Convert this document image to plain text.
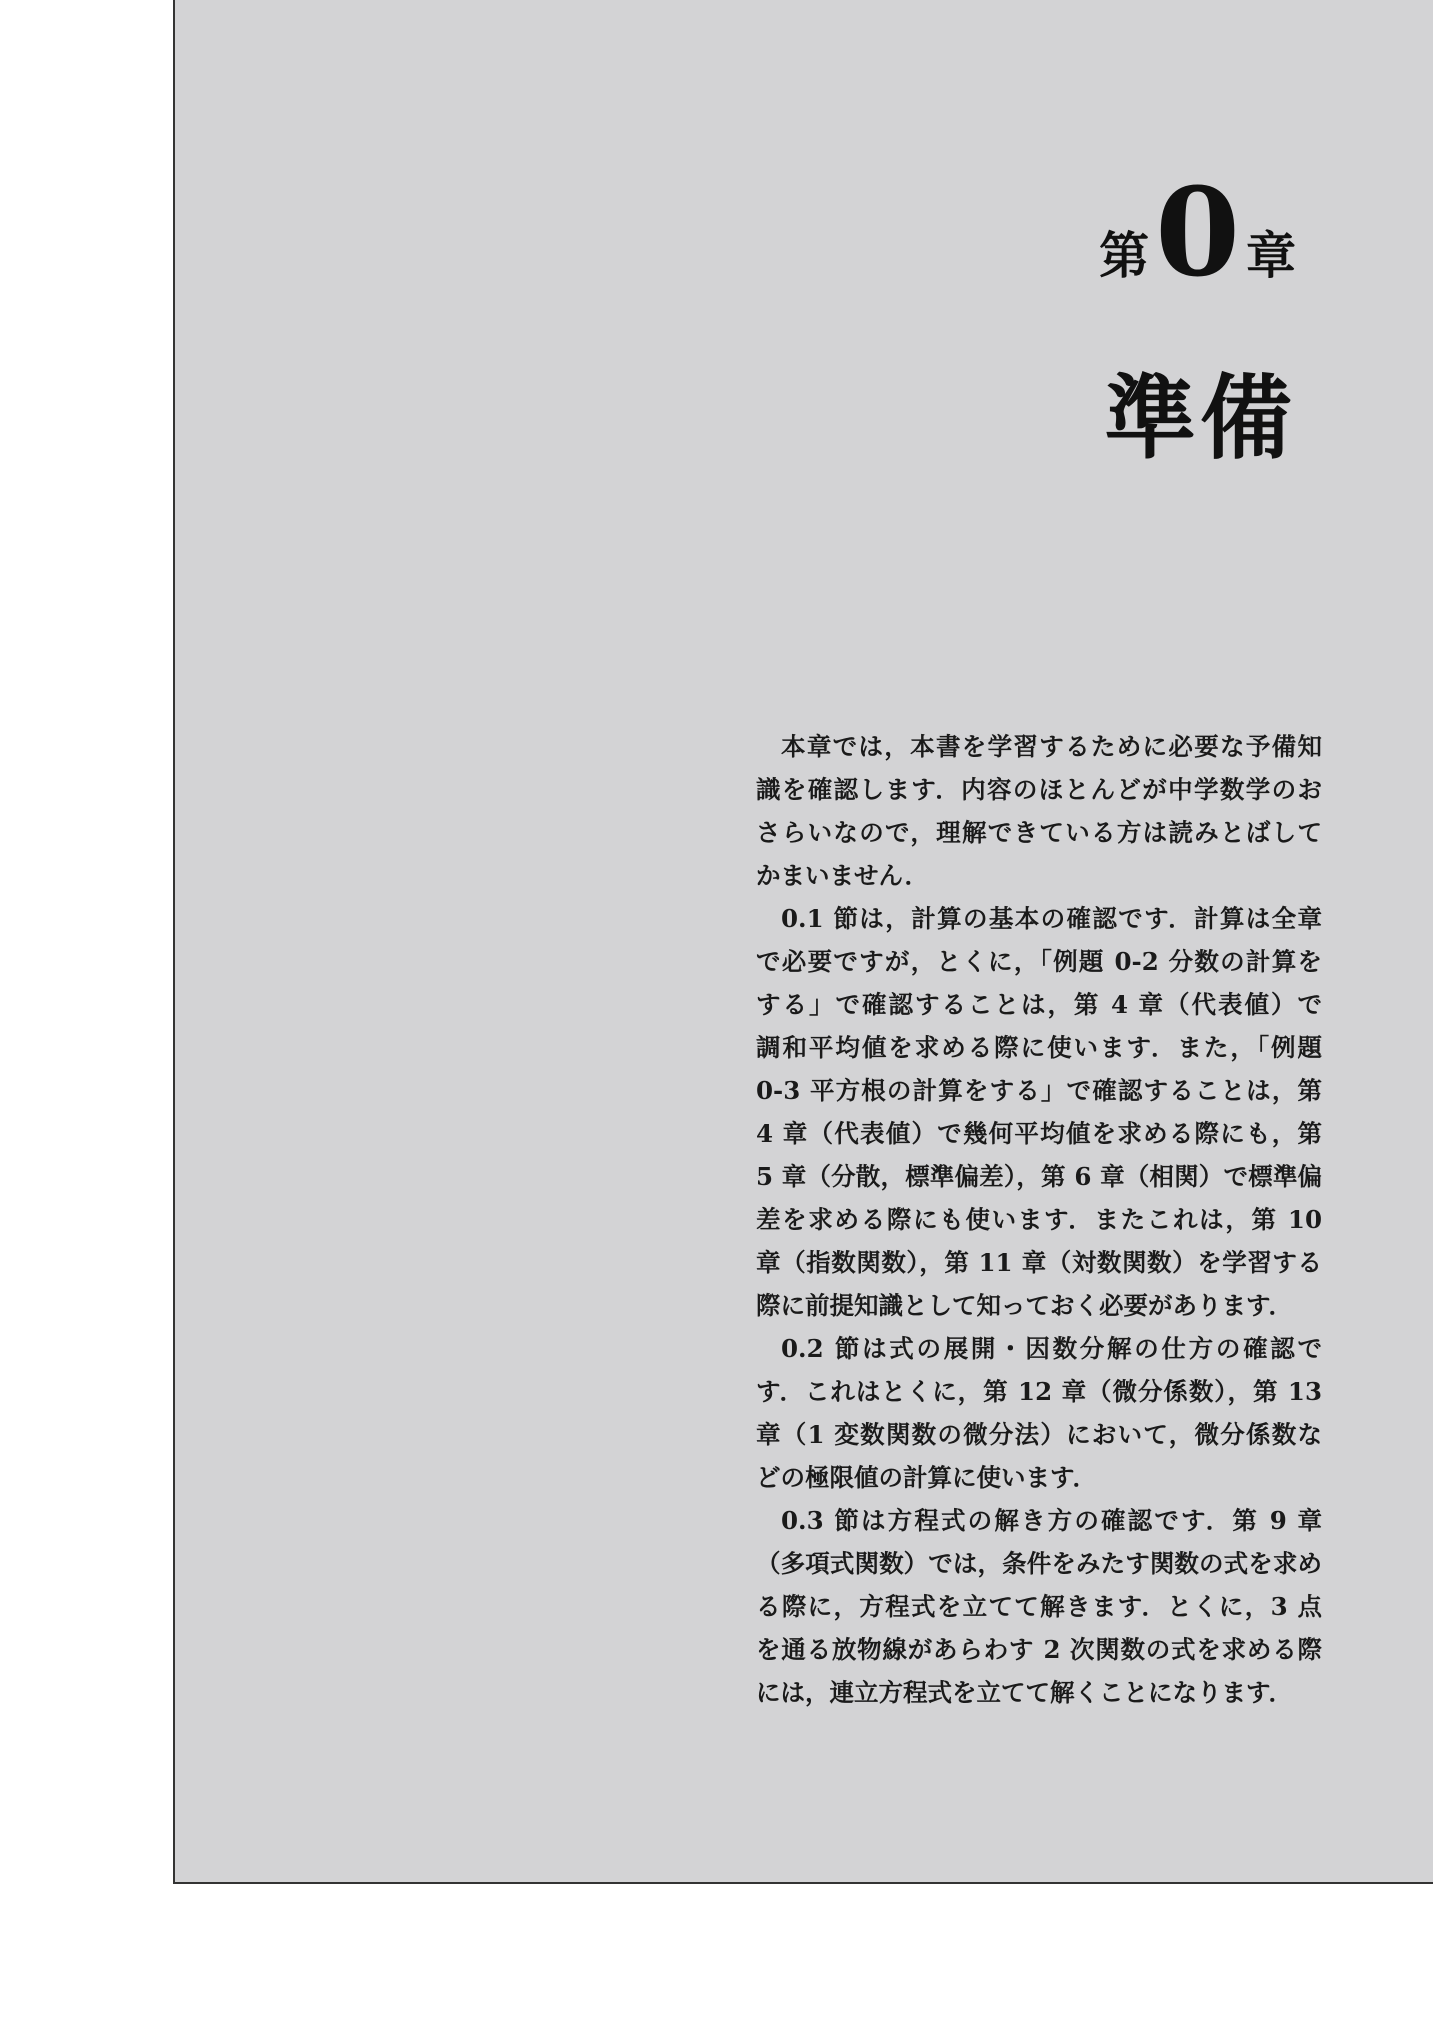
第 0 章
準備
本章では，本書を学習するために必要な予備知
識を確認します．内容のほとんどが中学数学のお
さらいなので，理解できている方は読みとばして
かまいません．
0.1 節は，計算の基本の確認です．計算は全章
で必要ですが，とくに，「例題 0-2 分数の計算を
する」で確認することは，第 4 章（代表値）で
調和平均値を求める際に使います．また，「例題
0-3 平方根の計算をする」で確認することは，第
4 章（代表値）で幾何平均値を求める際にも，第
5 章（分散，標準偏差），第 6 章（相関）で標準偏
差を求める際にも使います．またこれは，第 10
章（指数関数），第 11 章（対数関数）を学習する
際に前提知識として知っておく必要があります．
0.2 節は式の展開・因数分解の仕方の確認で
す．これはとくに，第 12 章（微分係数），第 13
章（1 変数関数の微分法）において，微分係数な
どの極限値の計算に使います．
0.3 節は方程式の解き方の確認です．第 9 章
（多項式関数）では，条件をみたす関数の式を求め
る際に，方程式を立てて解きます．とくに，3 点
を通る放物線があらわす 2 次関数の式を求める際
には，連立方程式を立てて解くことになります．
